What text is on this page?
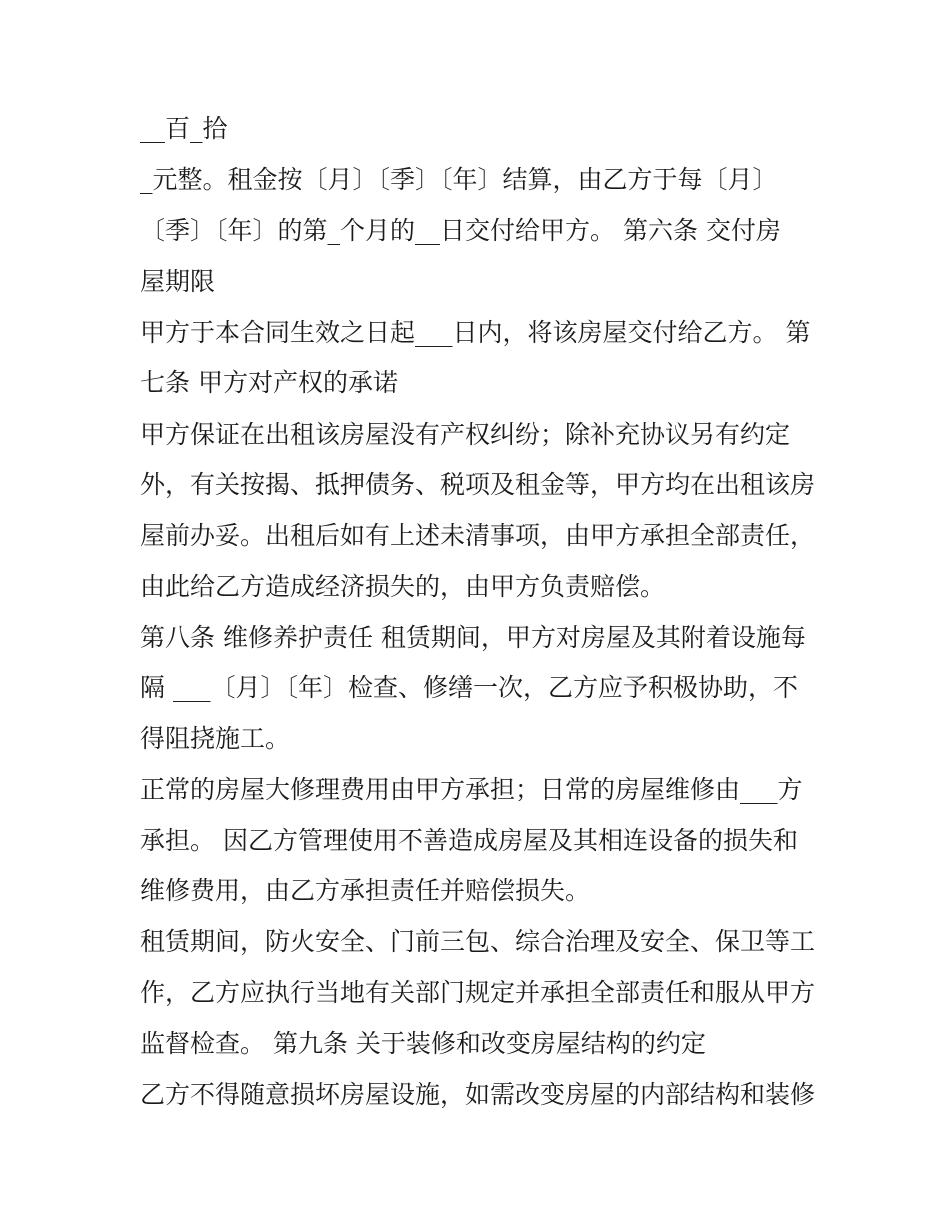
__百_拾

_元整。租金按〔月〕〔季〕〔年〕结算，由乙方于每〔月〕

〔季〕〔年〕的第_个月的__日交付给甲方。 第六条 交付房

屋期限

甲方于本合同生效之日起___日内，将该房屋交付给乙方。 第

七条 甲方对产权的承诺

甲方保证在出租该房屋没有产权纠纷；除补充协议另有约定

外，有关按揭、抵押债务、税项及租金等，甲方均在出租该房

屋前办妥。出租后如有上述未清事项，由甲方承担全部责任，

由此给乙方造成经济损失的，由甲方负责赔偿。

第八条 维修养护责任 租赁期间，甲方对房屋及其附着设施每

隔 ___〔月〕〔年〕检查、修缮一次，乙方应予积极协助，不

得阻挠施工。

正常的房屋大修理费用由甲方承担；日常的房屋维修由___方

承担。 因乙方管理使用不善造成房屋及其相连设备的损失和

维修费用，由乙方承担责任并赔偿损失。

租赁期间，防火安全、门前三包、综合治理及安全、保卫等工

作，乙方应执行当地有关部门规定并承担全部责任和服从甲方

监督检查。 第九条 关于装修和改变房屋结构的约定

乙方不得随意损坏房屋设施，如需改变房屋的内部结构和装修
